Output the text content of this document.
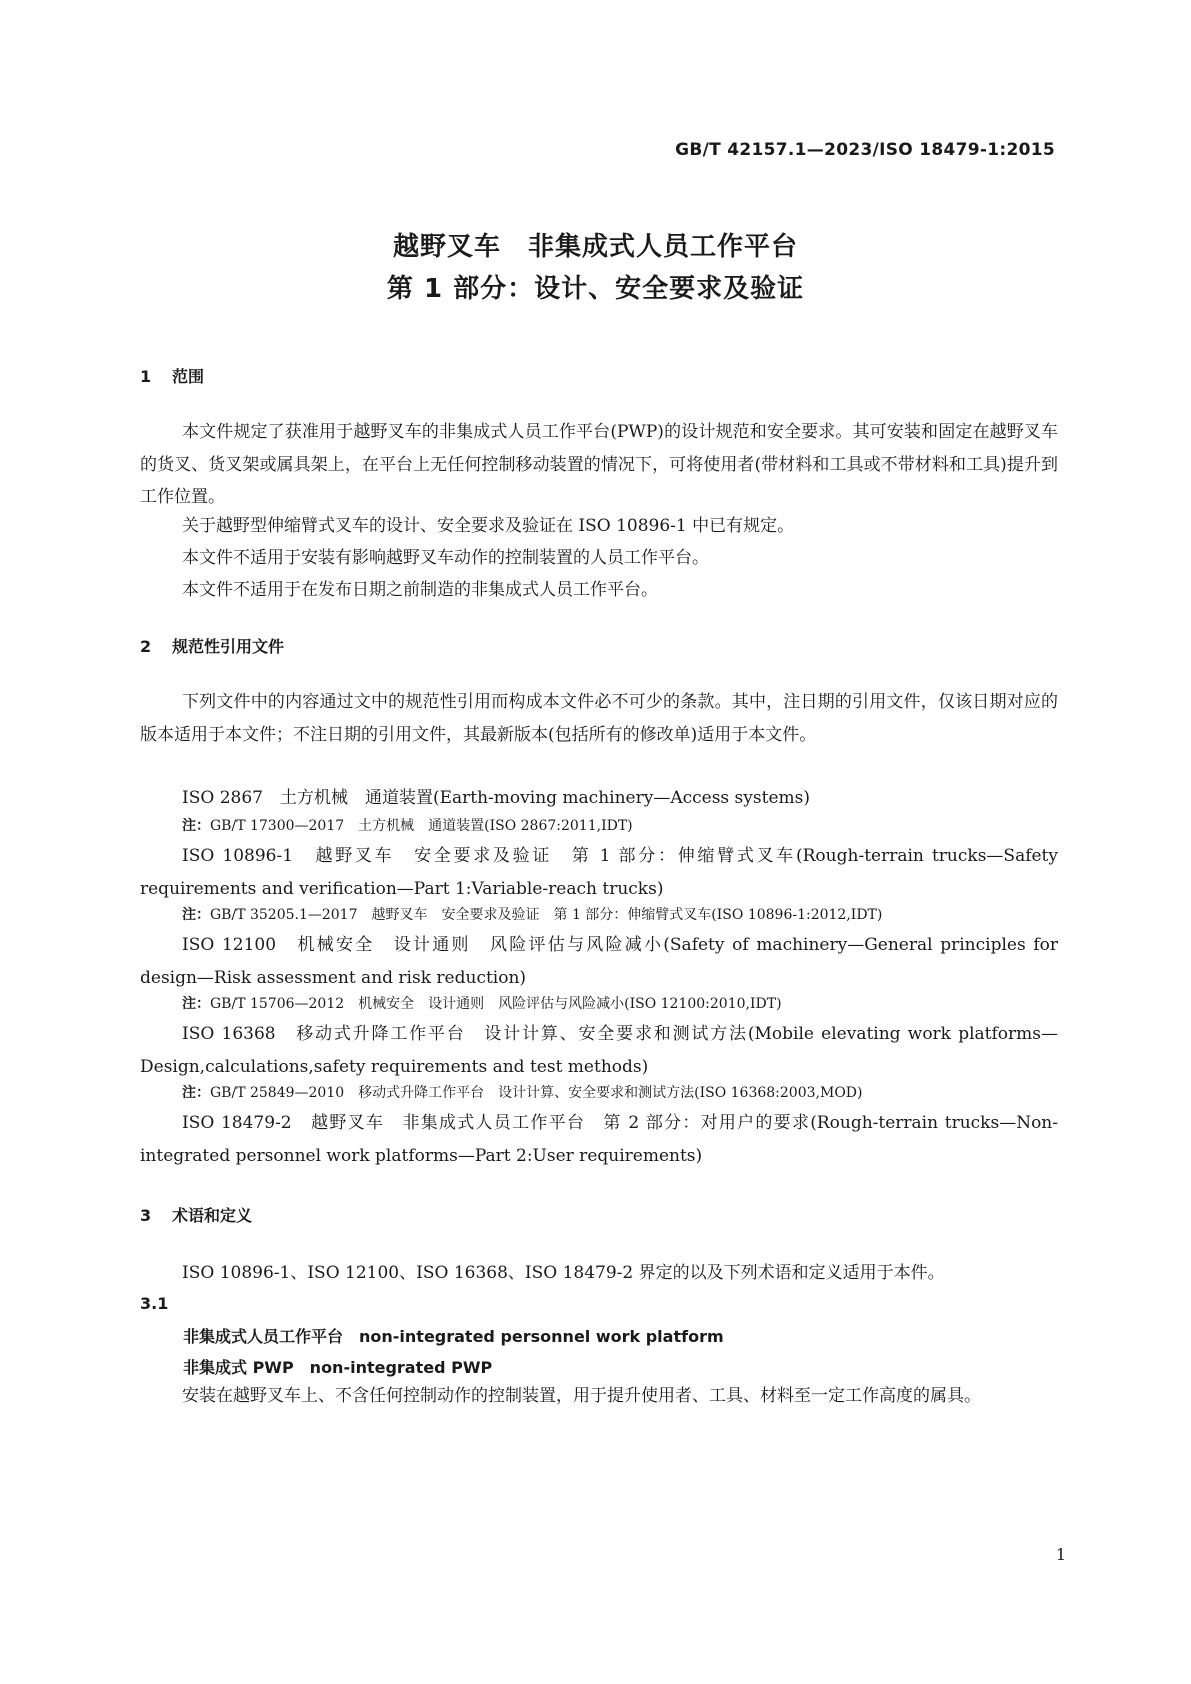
GB/T 42157.1—2023/ISO 18479-1:2015
越野叉车　非集成式人员工作平台
第 1 部分：设计、安全要求及验证
1 范围

本文件规定了获准用于越野叉车的非集成式人员工作平台(PWP)的设计规范和安全要求。其可安装和固定在越野叉车的货叉、货叉架或属具架上，在平台上无任何控制移动装置的情况下，可将使用者(带材料和工具或不带材料和工具)提升到工作位置。

关于越野型伸缩臂式叉车的设计、安全要求及验证在 ISO 10896-1 中已有规定。

本文件不适用于安装有影响越野叉车动作的控制装置的人员工作平台。

本文件不适用于在发布日期之前制造的非集成式人员工作平台。

2 规范性引用文件

下列文件中的内容通过文中的规范性引用而构成本文件必不可少的条款。其中，注日期的引用文件，仅该日期对应的版本适用于本文件；不注日期的引用文件，其最新版本(包括所有的修改单)适用于本文件。

ISO 2867　土方机械　通道装置(Earth-moving machinery—Access systems)

注：GB/T 17300—2017　土方机械　通道装置(ISO 2867:2011,IDT)

ISO 10896-1　越野叉车　安全要求及验证　第 1 部分：伸缩臂式叉车(Rough-terrain trucks—Safety requirements and verification—Part 1:Variable-reach trucks)

注：GB/T 35205.1—2017　越野叉车　安全要求及验证　第 1 部分：伸缩臂式叉车(ISO 10896-1:2012,IDT)

ISO 12100　机械安全　设计通则　风险评估与风险减小(Safety of machinery—General principles for design—Risk assessment and risk reduction)

注：GB/T 15706—2012　机械安全　设计通则　风险评估与风险减小(ISO 12100:2010,IDT)

ISO 16368　移动式升降工作平台　设计计算、安全要求和测试方法(Mobile elevating work platforms—Design,calculations,safety requirements and test methods)

注：GB/T 25849—2010　移动式升降工作平台　设计计算、安全要求和测试方法(ISO 16368:2003,MOD)

ISO 18479-2　越野叉车　非集成式人员工作平台　第 2 部分：对用户的要求(Rough-terrain trucks—Non-integrated personnel work platforms—Part 2:User requirements)

3 术语和定义

ISO 10896-1、ISO 12100、ISO 16368、ISO 18479-2 界定的以及下列术语和定义适用于本件。

3.1
非集成式人员工作平台　non-integrated personnel work platform
非集成式 PWP　non-integrated PWP

安装在越野叉车上、不含任何控制动作的控制装置，用于提升使用者、工具、材料至一定工作高度的属具。

1
